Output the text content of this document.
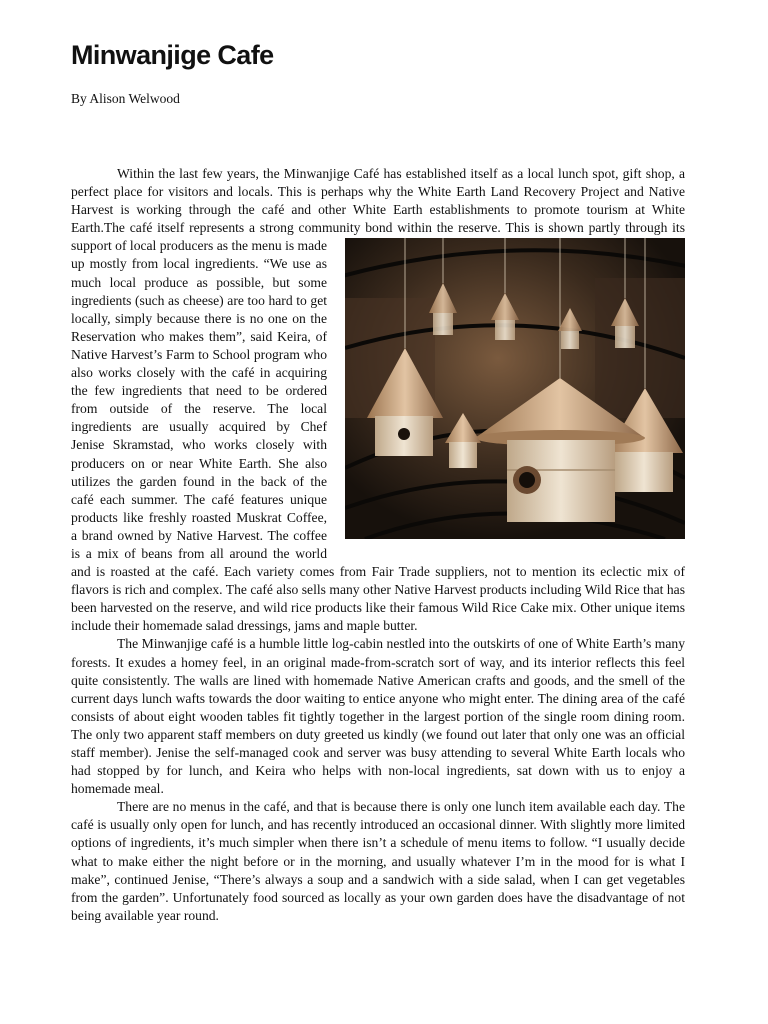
Minwanjige Cafe

By Alison Welwood

Within the last few years, the Minwanjige Café has established itself as a local lunch spot, gift shop, a perfect place for visitors and locals. This is perhaps why the White Earth Land Recovery Project and Native Harvest is working through the café and other White Earth establishments to promote tourism at White Earth.The café itself represents a strong community bond within the reserve.
This is shown partly through its support of local producers as the menu is made up mostly from local ingredients. “We use as much local produce as possible, but some ingredients (such as cheese) are too hard to get locally, simply because there is no one on the Reservation who makes them”, said Keira, of Native Harvest’s Farm to School program who also works closely with the café in acquiring the few ingredients that need to be ordered from outside of the reserve. The local ingredients are usually acquired by Chef Jenise Skramstad, who works closely with producers on or near White Earth. She also utilizes the garden found in the back of the café each summer. The café features unique products like freshly roasted Muskrat Coffee, a brand owned by Native Harvest. The coffee is a mix of beans from all around the world and is roasted at the café. Each variety comes from Fair Trade suppliers, not to mention its eclectic mix of flavors is rich and complex. The café also sells many other Native Harvest products including Wild Rice that has been harvested on the reserve, and wild rice products like their famous Wild Rice Cake mix. Other unique items include their homemade salad dressings, jams and maple butter.

The Minwanjige café is a humble little log-cabin nestled into the outskirts of one of White Earth’s many forests. It exudes a homey feel, in an original made-from-scratch sort of way, and its interior reflects this feel quite consistently. The walls are lined with homemade Native American crafts and goods, and the smell of the current days lunch wafts towards the door waiting to entice anyone who might enter. The dining area of the café consists of about eight wooden tables fit tightly together in the largest portion of the single room dining room. The only two apparent staff members on duty greeted us kindly (we found out later that only one was an official staff member). Jenise the self-managed cook and server was busy attending to several White Earth locals who had stopped by for lunch, and Keira who helps with non-local ingredients, sat down with us to enjoy a homemade meal.

There are no menus in the café, and that is because there is only one lunch item available each day. The café is usually only open for lunch, and has recently introduced an occasional dinner. With slightly more limited options of ingredients, it’s much simpler when there isn’t a schedule of menu items to follow. “I usually decide what to make either the night before or in the morning, and usually whatever I’m in the mood for is what I make”, continued Jenise, “There’s always a soup and a sandwich with a side salad, when I can get vegetables from the garden”. Unfortunately food sourced as locally as your own garden does have the disadvantage of not being available year round.
